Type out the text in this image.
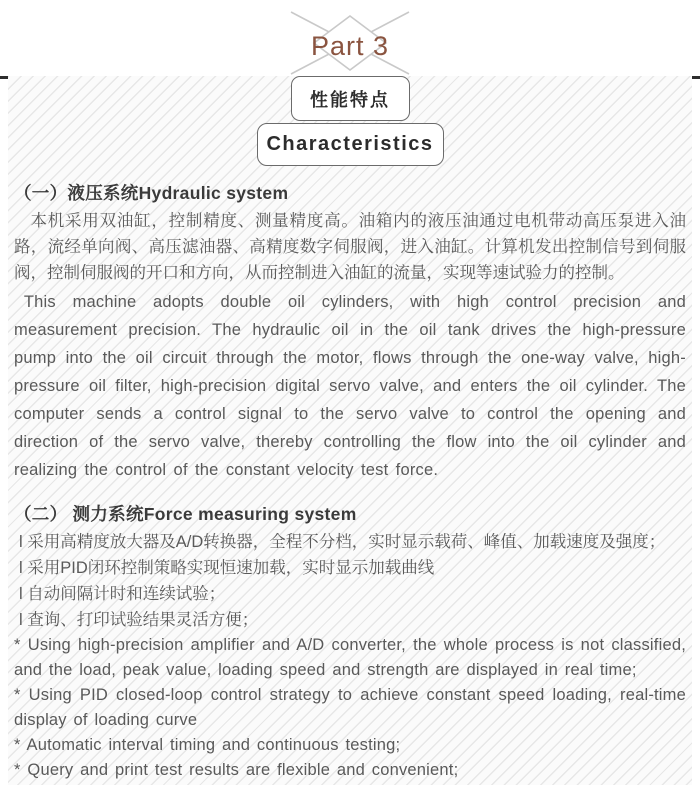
Part 3
性能特点
Characteristics
（一）液压系统Hydraulic system

本机采用双油缸，控制精度、测量精度高。油箱内的液压油通过电机带动高压泵进入油路，流经单向阀、高压滤油器、高精度数字伺服阀，进入油缸。计算机发出控制信号到伺服阀，控制伺服阀的开口和方向，从而控制进入油缸的流量，实现等速试验力的控制。

This machine adopts double oil cylinders, with high control precision and measurement precision. The hydraulic oil in the oil tank drives the high-pressure pump into the oil circuit through the motor, flows through the one-way valve, high-pressure oil filter, high-precision digital servo valve, and enters the oil cylinder. The computer sends a control signal to the servo valve to control the opening and direction of the servo valve, thereby controlling the flow into the oil cylinder and realizing the control of the constant velocity test force.

（二） 测力系统Force measuring system
l 采用高精度放大器及A/D转换器，全程不分档，实时显示载荷、峰值、加载速度及强度；
l 采用PID闭环控制策略实现恒速加载，实时显示加载曲线
l 自动间隔计时和连续试验；
l 查询、打印试验结果灵活方便；

* Using high-precision amplifier and A/D converter, the whole process is not classified, and the load, peak value, loading speed and strength are displayed in real time;

* Using PID closed-loop control strategy to achieve constant speed loading, real-time display of loading curve

* Automatic interval timing and continuous testing;

* Query and print test results are flexible and convenient;
